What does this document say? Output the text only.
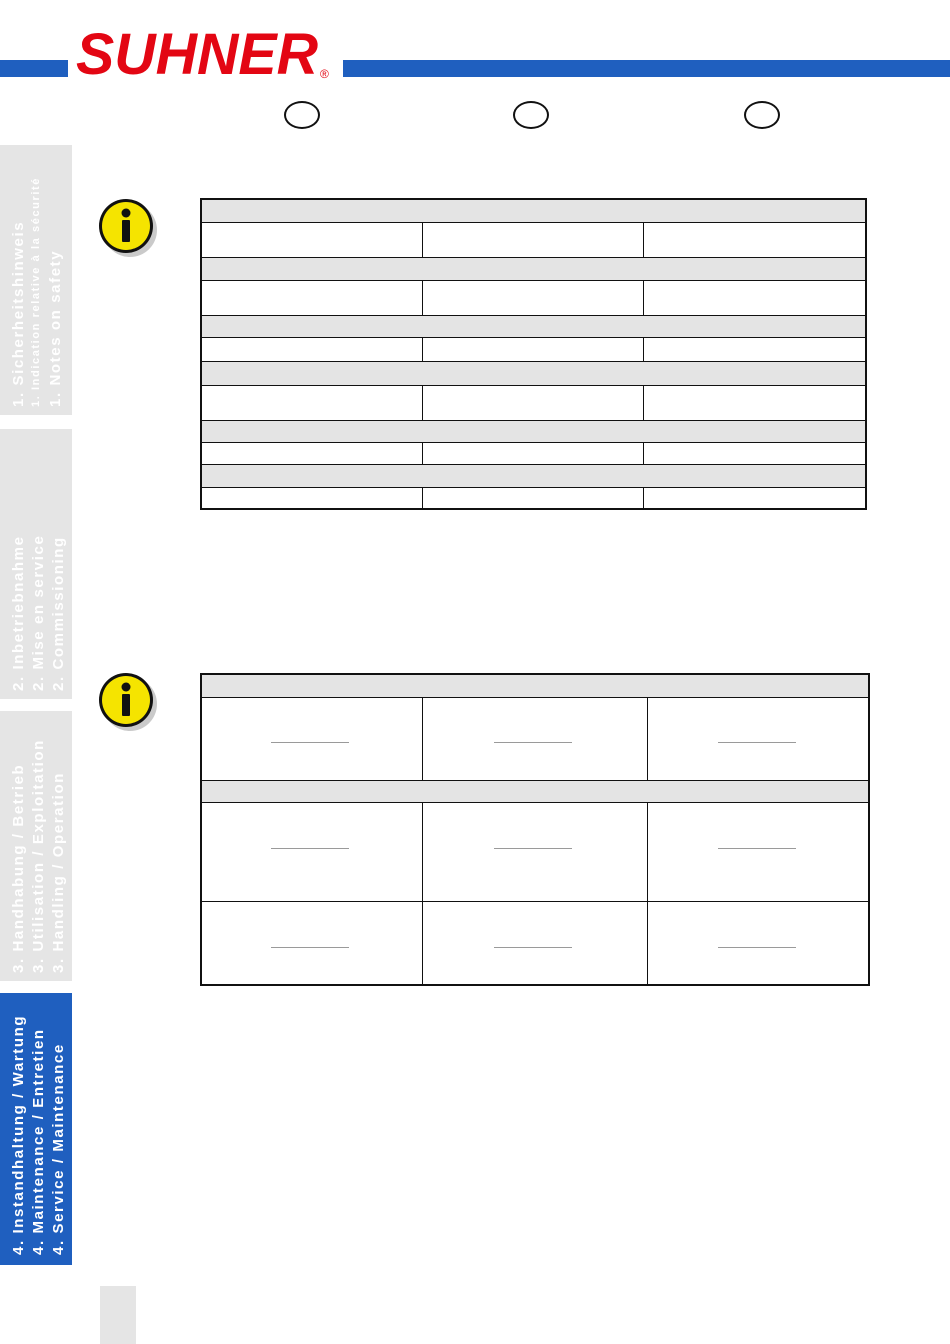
SUHNER ®
1. Sicherheitshinweis 1. Indication relative à la sécurité 1. Notes on safety
2. Inbetriebnahme 2. Mise en service 2. Commissioning
3. Handhabung / Betrieb 3. Utilisation / Exploitation 3. Handling / Operation
4. Instandhaltung / Wartung 4. Maintenance / Entretien 4. Service / Maintenance
